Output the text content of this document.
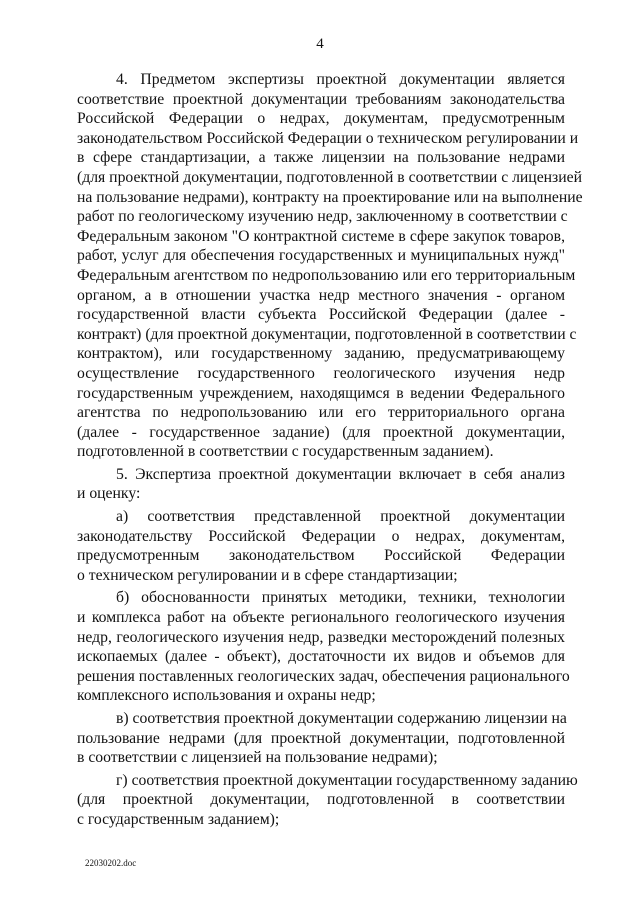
4
4. Предметом экспертизы проектной документации является
соответствие проектной документации требованиям законодательства
Российской Федерации о недрах, документам, предусмотренным
законодательством Российской Федерации о техническом регулировании и
в сфере стандартизации, а также лицензии на пользование недрами
(для проектной документации, подготовленной в соответствии с лицензией
на пользование недрами), контракту на проектирование или на выполнение
работ по геологическому изучению недр, заключенному в соответствии с
Федеральным законом "О контрактной системе в сфере закупок товаров,
работ, услуг для обеспечения государственных и муниципальных нужд"
Федеральным агентством по недропользованию или его территориальным
органом, а в отношении участка недр местного значения - органом
государственной власти субъекта Российской Федерации (далее -
контракт) (для проектной документации, подготовленной в соответствии с
контрактом), или государственному заданию, предусматривающему
осуществление государственного геологического изучения недр
государственным учреждением, находящимся в ведении Федерального
агентства по недропользованию или его территориального органа
(далее - государственное задание) (для проектной документации,
подготовленной в соответствии с государственным заданием).
5. Экспертиза проектной документации включает в себя анализ
и оценку:
а) соответствия представленной проектной документации
законодательству Российской Федерации о недрах, документам,
предусмотренным законодательством Российской Федерации
о техническом регулировании и в сфере стандартизации;
б) обоснованности принятых методики, техники, технологии
и комплекса работ на объекте регионального геологического изучения
недр, геологического изучения недр, разведки месторождений полезных
ископаемых (далее - объект), достаточности их видов и объемов для
решения поставленных геологических задач, обеспечения рационального
комплексного использования и охраны недр;
в) соответствия проектной документации содержанию лицензии на
пользование недрами (для проектной документации, подготовленной
в соответствии с лицензией на пользование недрами);
г) соответствия проектной документации государственному заданию
(для проектной документации, подготовленной в соответствии
с государственным заданием);
22030202.doc
